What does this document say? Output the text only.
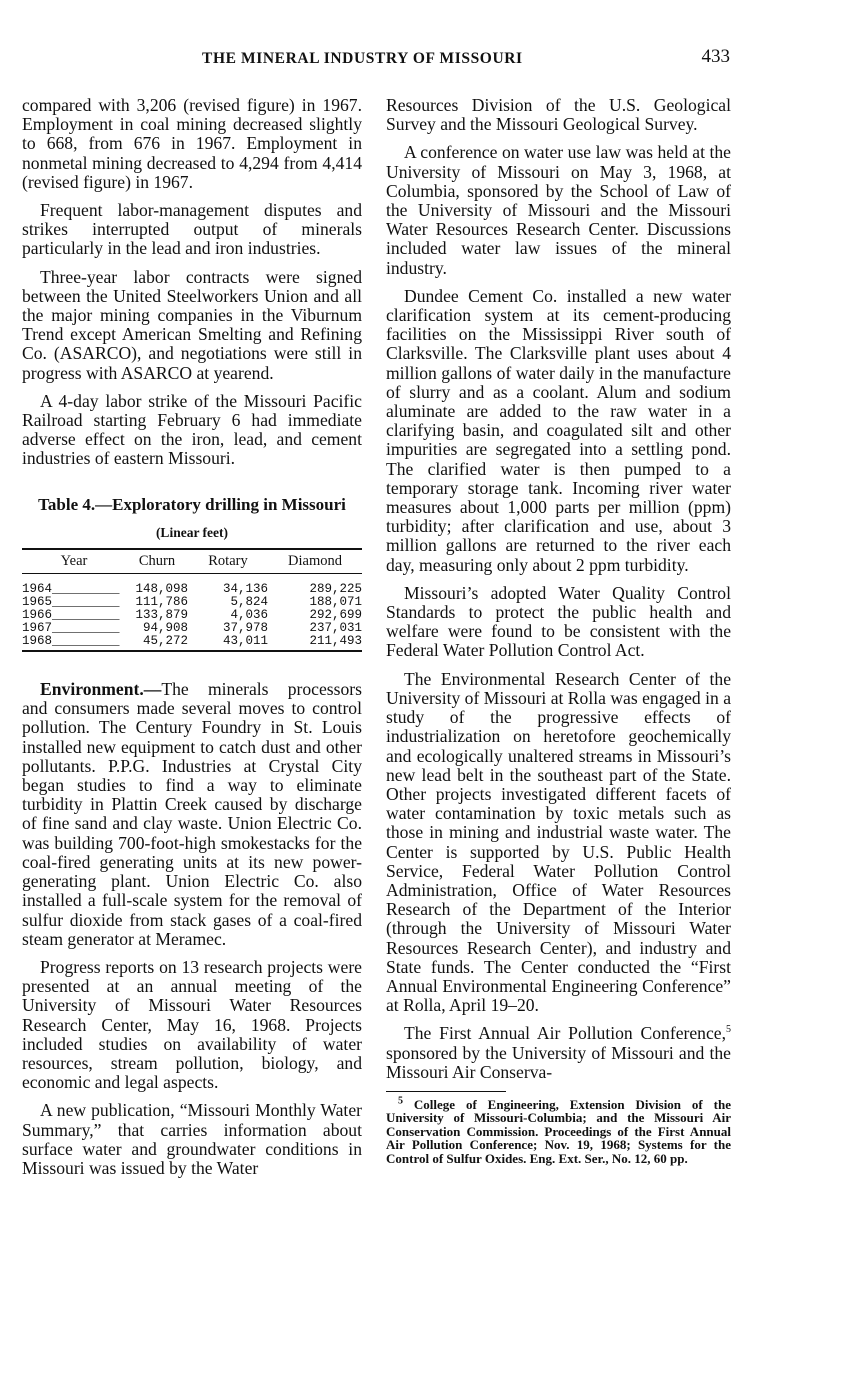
THE MINERAL INDUSTRY OF MISSOURI	433

compared with 3,206 (revised figure) in 1967. Employment in coal mining decreased slightly to 668, from 676 in 1967. Employment in nonmetal mining decreased to 4,294 from 4,414 (revised figure) in 1967.

Frequent labor-management disputes and strikes interrupted output of minerals particularly in the lead and iron industries.

Three-year labor contracts were signed between the United Steelworkers Union and all the major mining companies in the Viburnum Trend except American Smelting and Refining Co. (ASARCO), and negotiations were still in progress with ASARCO at yearend.

A 4-day labor strike of the Missouri Pacific Railroad starting February 6 had immediate adverse effect on the iron, lead, and cement industries of eastern Missouri.

Table 4.—Exploratory drilling in Missouri
(Linear feet)
Year	Churn	Rotary	Diamond
1964_________	148,098	34,136	289,225
1965_________	111,786	5,824	188,071
1966_________	133,879	4,036	292,699
1967_________	94,908	37,978	237,031
1968_________	45,272	43,011	211,493

Environment.—The minerals processors and consumers made several moves to control pollution. The Century Foundry in St. Louis installed new equipment to catch dust and other pollutants. P.P.G. Industries at Crystal City began studies to find a way to eliminate turbidity in Plattin Creek caused by discharge of fine sand and clay waste. Union Electric Co. was building 700-foot-high smokestacks for the coal-fired generating units at its new power-generating plant. Union Electric Co. also installed a full-scale system for the removal of sulfur dioxide from stack gases of a coal-fired steam generator at Meramec.

Progress reports on 13 research projects were presented at an annual meeting of the University of Missouri Water Resources Research Center, May 16, 1968. Projects included studies on availability of water resources, stream pollution, biology, and economic and legal aspects.

A new publication, “Missouri Monthly Water Summary,” that carries information about surface water and groundwater conditions in Missouri was issued by the Water

Resources Division of the U.S. Geological Survey and the Missouri Geological Survey.

A conference on water use law was held at the University of Missouri on May 3, 1968, at Columbia, sponsored by the School of Law of the University of Missouri and the Missouri Water Resources Research Center. Discussions included water law issues of the mineral industry.

Dundee Cement Co. installed a new water clarification system at its cement-producing facilities on the Mississippi River south of Clarksville. The Clarksville plant uses about 4 million gallons of water daily in the manufacture of slurry and as a coolant. Alum and sodium aluminate are added to the raw water in a clarifying basin, and coagulated silt and other impurities are segregated into a settling pond. The clarified water is then pumped to a temporary storage tank. Incoming river water measures about 1,000 parts per million (ppm) turbidity; after clarification and use, about 3 million gallons are returned to the river each day, measuring only about 2 ppm turbidity.

Missouri’s adopted Water Quality Control Standards to protect the public health and welfare were found to be consistent with the Federal Water Pollution Control Act.

The Environmental Research Center of the University of Missouri at Rolla was engaged in a study of the progressive effects of industrialization on heretofore geochemically and ecologically unaltered streams in Missouri’s new lead belt in the southeast part of the State. Other projects investigated different facets of water contamination by toxic metals such as those in mining and industrial waste water. The Center is supported by U.S. Public Health Service, Federal Water Pollution Control Administration, Office of Water Resources Research of the Department of the Interior (through the University of Missouri Water Resources Research Center), and industry and State funds. The Center conducted the “First Annual Environmental Engineering Conference” at Rolla, April 19–20.

The First Annual Air Pollution Conference,$^5$ sponsored by the University of Missouri and the Missouri Air Conserva-

$^5$ College of Engineering, Extension Division of the University of Missouri-Columbia; and the Missouri Air Conservation Commission. Proceedings of the First Annual Air Pollution Conference; Nov. 19, 1968; Systems for the Control of Sulfur Oxides. Eng. Ext. Ser., No. 12, 60 pp.
